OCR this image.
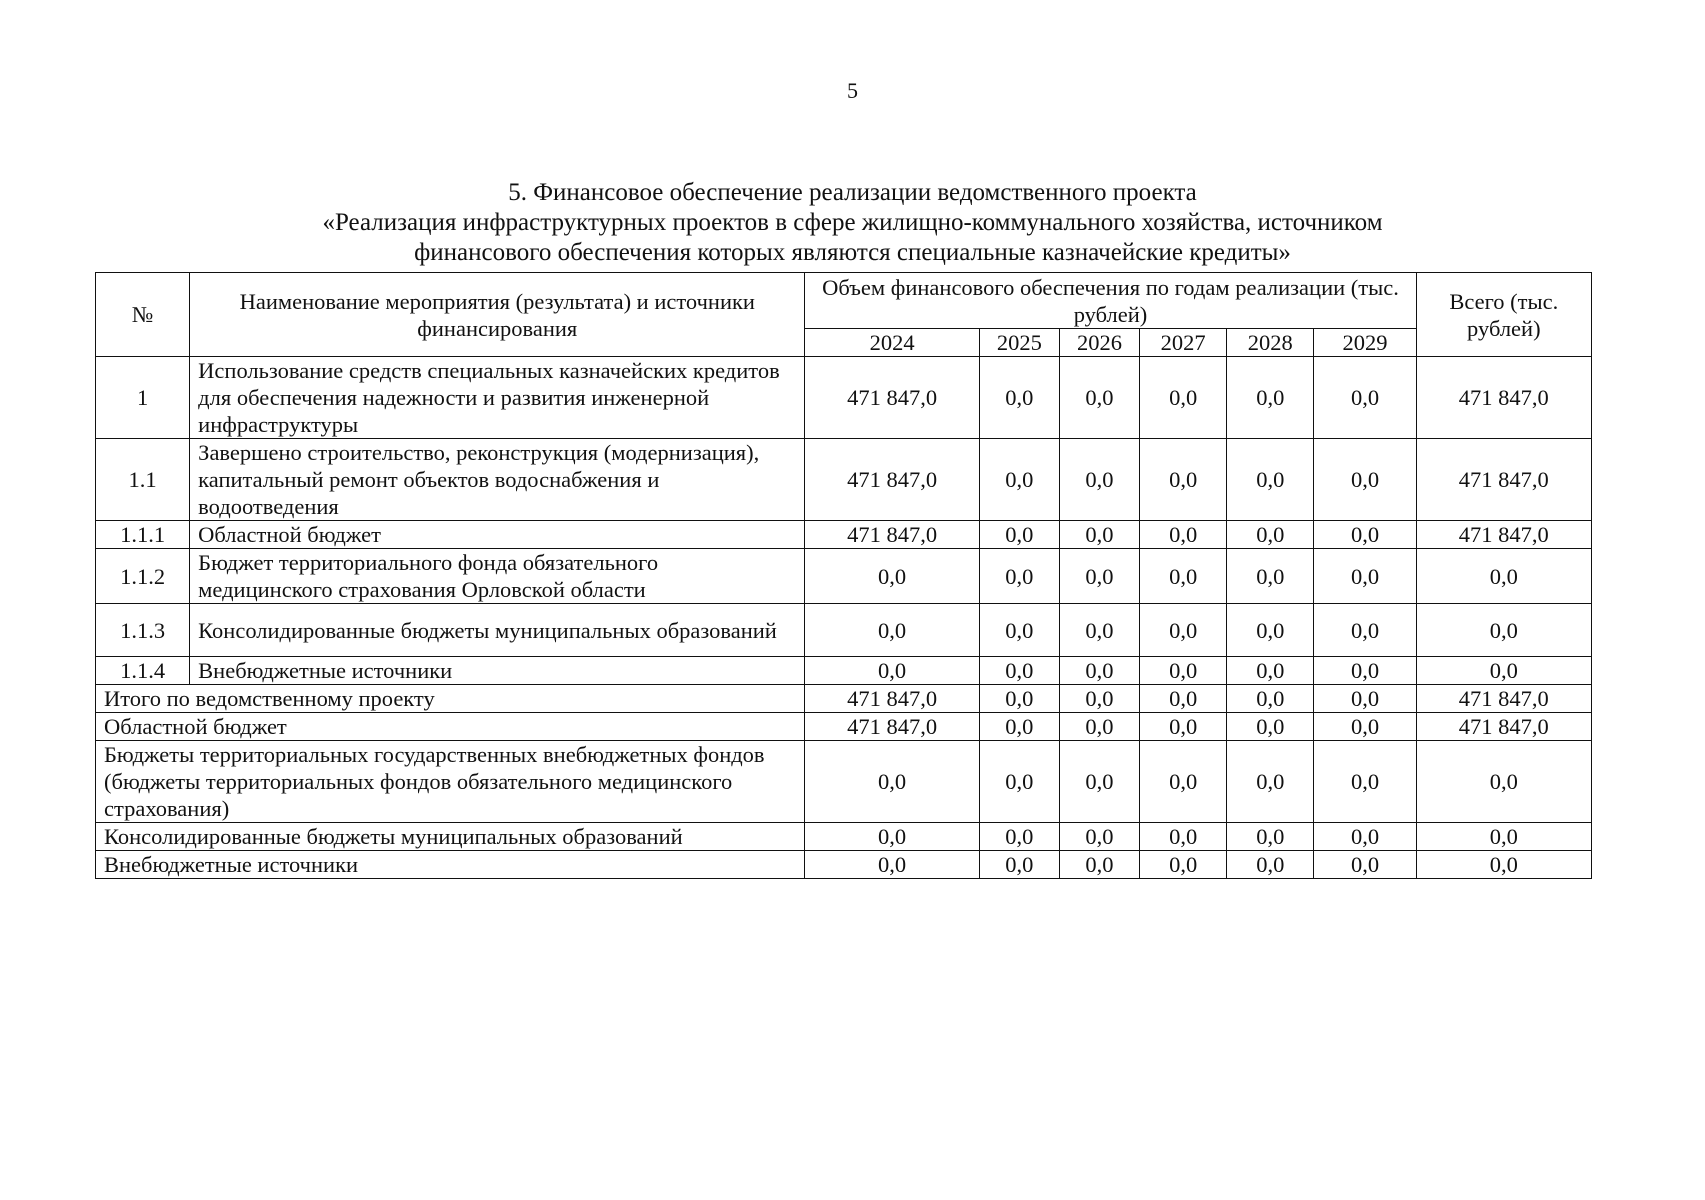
5
5. Финансовое обеспечение реализации ведомственного проекта
«Реализация инфраструктурных проектов в сфере жилищно-коммунального хозяйства, источником
финансового обеспечения которых являются специальные казначейские кредиты»
№	Наименование мероприятия (результата) и источники финансирования	Объем финансового обеспечения по годам реализации (тыс. рублей)						Всего (тыс. рублей)
		2024	2025	2026	2027	2028	2029	
1	Использование средств специальных казначейских кредитов для обеспечения надежности и развития инженерной инфраструктуры	471 847,0	0,0	0,0	0,0	0,0	0,0	471 847,0
1.1	Завершено строительство, реконструкция (модернизация), капитальный ремонт объектов водоснабжения и водоотведения	471 847,0	0,0	0,0	0,0	0,0	0,0	471 847,0
1.1.1	Областной бюджет	471 847,0	0,0	0,0	0,0	0,0	0,0	471 847,0
1.1.2	Бюджет территориального фонда обязательного медицинского страхования Орловской области	0,0	0,0	0,0	0,0	0,0	0,0	0,0
1.1.3	Консолидированные бюджеты муниципальных образований	0,0	0,0	0,0	0,0	0,0	0,0	0,0
1.1.4	Внебюджетные источники	0,0	0,0	0,0	0,0	0,0	0,0	0,0
Итого по ведомственному проекту		471 847,0	0,0	0,0	0,0	0,0	0,0	471 847,0
Областной бюджет		471 847,0	0,0	0,0	0,0	0,0	0,0	471 847,0
Бюджеты территориальных государственных внебюджетных фондов (бюджеты территориальных фондов обязательного медицинского страхования)		0,0	0,0	0,0	0,0	0,0	0,0	0,0
Консолидированные бюджеты муниципальных образований		0,0	0,0	0,0	0,0	0,0	0,0	0,0
Внебюджетные источники		0,0	0,0	0,0	0,0	0,0	0,0	0,0
